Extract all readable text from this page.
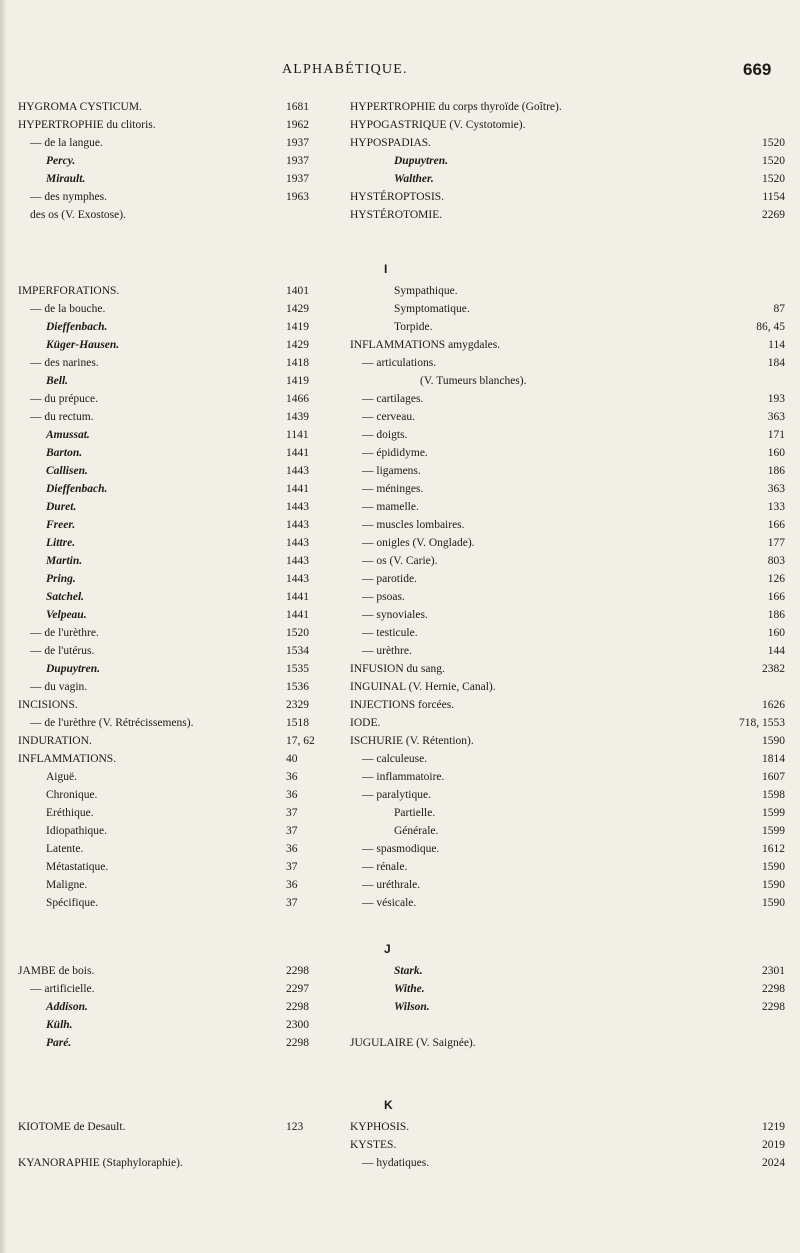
ALPHABÉTIQUE.	669
HYGROMA CYSTICUM.	1681
HYPERTROPHIE du clitoris.	1962
— de la langue.	1937
Percy.	1937
Mirault.	1937
— des nymphes.	1963
des os (V. Exostose).
HYPERTROPHIE du corps thyroïde (Goître).
HYPOGASTRIQUE (V. Cystotomie).
HYPOSPADIAS.	1520
Dupuytren.	1520
Walther.	1520
HYSTÉROPTOSIS.	1154
HYSTÉROTOMIE.	2269
I
IMPERFORATIONS.	1401
— de la bouche.	1429
Dieffenbach.	1419
Küger-Hausen.	1429
— des narines.	1418
Bell.	1419
— du prépuce.	1466
— du rectum.	1439
Amussat.	1141
Barton.	1441
Callisen.	1443
Dieffenbach.	1441
Duret.	1443
Freer.	1443
Littre.	1443
Martin.	1443
Pring.	1443
Satchel.	1441
Velpeau.	1441
— de l'urèthre.	1520
— de l'utérus.	1534
Dupuytren.	1535
— du vagin.	1536
INCISIONS.	2329
— de l'urèthre (V. Rétrécissemens).	1518
INDURATION.	17, 62
INFLAMMATIONS.	40
Aiguë.	36
Chronique.	36
Eréthique.	37
Idiopathique.	37
Latente.	36
Métastatique.	37
Maligne.	36
Spécifique.	37
Sympathique.
Symptomatique.	87
Torpide.	86, 45
INFLAMMATIONS amygdales.	114
— articulations.	184
(V. Tumeurs blanches).
— cartilages.	193
— cerveau.	363
— doigts.	171
— épididyme.	160
— ligamens.	186
— méninges.	363
— mamelle.	133
— muscles lombaires.	166
— onigles (V. Onglade).	177
— os (V. Carie).	803
— parotide.	126
— psoas.	166
— synoviales.	186
— testicule.	160
— urèthre.	144
INFUSION du sang.	2382
INGUINAL (V. Hernie, Canal).
INJECTIONS forcées.	1626
IODE.	718, 1553
ISCHURIE (V. Rétention).	1590
— calculeuse.	1814
— inflammatoire.	1607
— paralytique.	1598
Partielle.	1599
Générale.	1599
— spasmodique.	1612
— rénale.	1590
— uréthrale.	1590
— vésicale.	1590
J
JAMBE de bois.	2298
— artificielle.	2297
Addison.	2298
Külh.	2300
Paré.	2298
Stark.	2301
Withe.	2298
Wilson.	2298
JUGULAIRE (V. Saignée).
K
KIOTOME de Desault.	123
KYANORAPHIE (Staphyloraphie).
KYPHOSIS.	1219
KYSTES.	2019
— hydatiques.	2024
